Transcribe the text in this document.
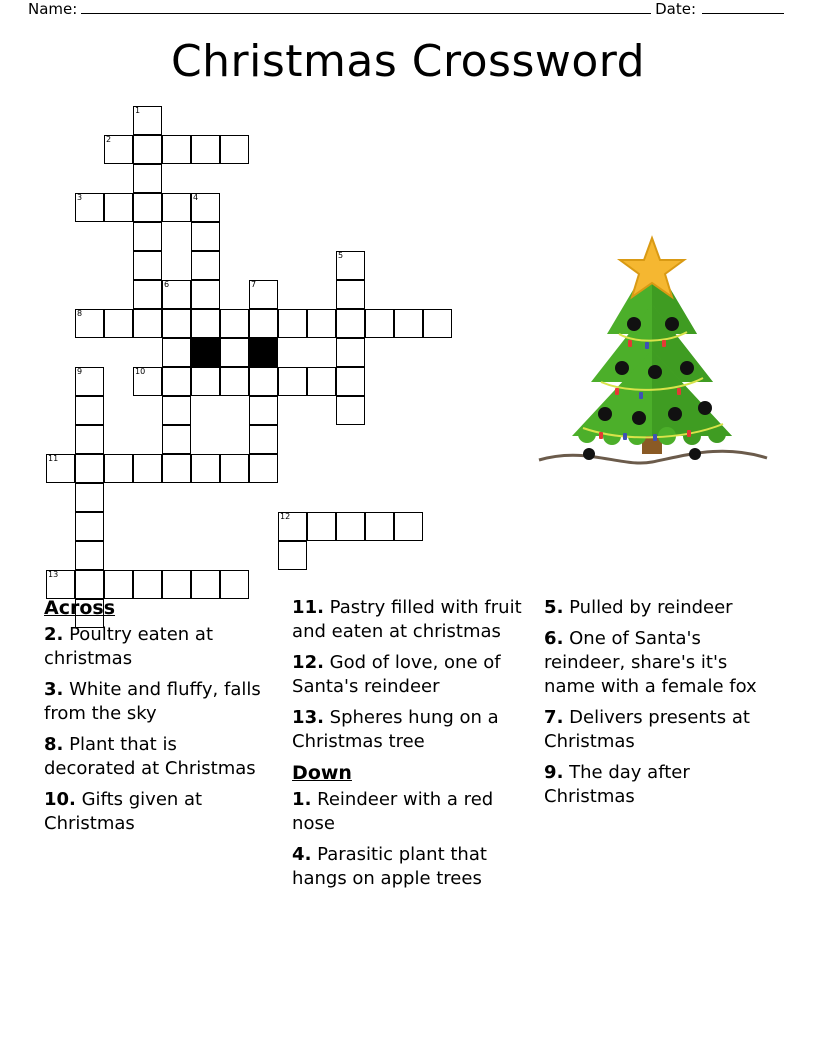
Name:	Date:
Christmas Crossword
1
2
3	4
5
6	7
8
9	10
11
12
13
Across

2. Poultry eaten at christmas

3. White and fluffy, falls from the sky

8. Plant that is decorated at Christmas

10. Gifts given at Christmas

11. Pastry filled with fruit and eaten at christmas

12. God of love, one of Santa's reindeer

13. Spheres hung on a Christmas tree

Down

1. Reindeer with a red nose

4. Parasitic plant that hangs on apple trees

5. Pulled by reindeer

6. One of Santa's reindeer, share's it's name with a female fox

7. Delivers presents at Christmas

9. The day after Christmas
